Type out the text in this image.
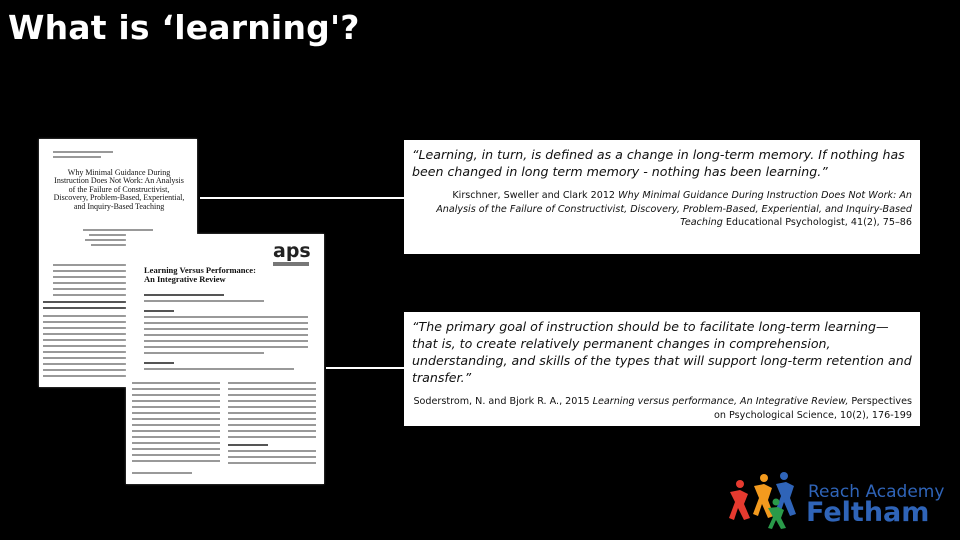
What is ‘learning'?
Why Minimal Guidance During Instruction Does Not Work: An Analysis of the Failure of Constructivist, Discovery, Problem-Based, Experiential, and Inquiry-Based Teaching
aps
Learning Versus Performance: An Integrative Review

“Learning, in turn, is defined as a change in long-term memory. If nothing has been changed in long term memory - nothing has been learning.”

Kirschner, Sweller and Clark 2012 Why Minimal Guidance During Instruction Does Not Work: An Analysis of the Failure of Constructivist, Discovery, Problem-Based, Experiential, and Inquiry-Based Teaching Educational Psychologist, 41(2), 75–86

“The primary goal of instruction should be to facilitate long-term learning—that is, to create relatively permanent changes in comprehension, understanding, and skills of the types that will support long-term retention and transfer.”

Soderstrom, N. and Bjork R. A., 2015 Learning versus performance, An Integrative Review, Perspectives on Psychological Science, 10(2), 176-199

Reach Academy
Feltham
